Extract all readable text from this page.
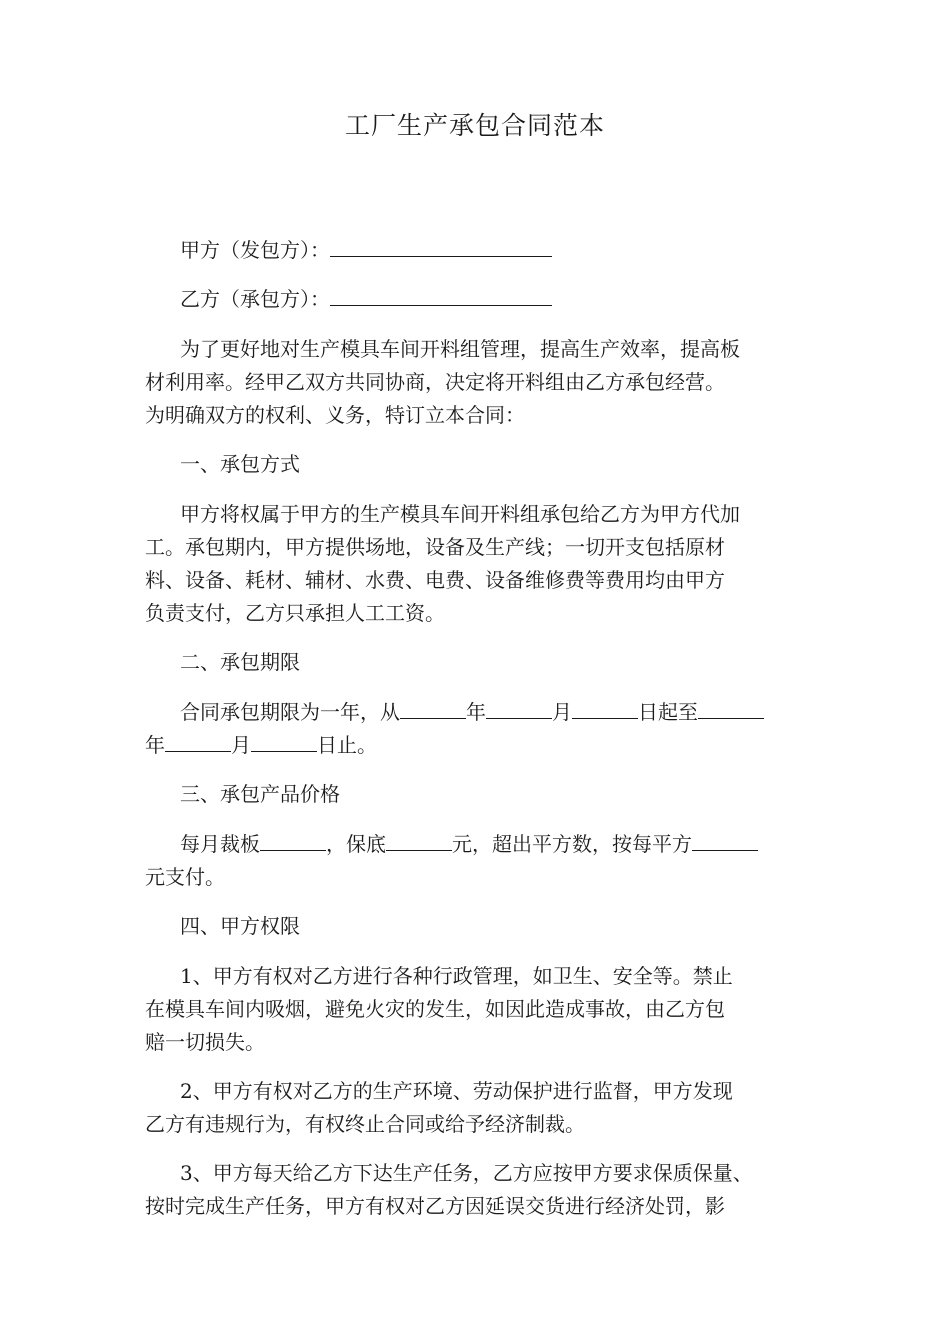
工厂生产承包合同范本
甲方（发包方）：
乙方（承包方）：
为了更好地对生产模具车间开料组管理，提高生产效率，提高板
材利用率。经甲乙双方共同协商，决定将开料组由乙方承包经营。
为明确双方的权利、义务，特订立本合同：
一、承包方式
甲方将权属于甲方的生产模具车间开料组承包给乙方为甲方代加
工。承包期内，甲方提供场地，设备及生产线；一切开支包括原材
料、设备、耗材、辅材、水费、电费、设备维修费等费用均由甲方
负责支付，乙方只承担人工工资。
二、承包期限
合同承包期限为一年，从	年	月	日起至
年	月	日止。
三、承包产品价格
每月裁板	，保底	元，超出平方数，按每平方
元支付。
四、甲方权限
1、甲方有权对乙方进行各种行政管理，如卫生、安全等。禁止
在模具车间内吸烟，避免火灾的发生，如因此造成事故，由乙方包
赔一切损失。
2、甲方有权对乙方的生产环境、劳动保护进行监督，甲方发现
乙方有违规行为，有权终止合同或给予经济制裁。
3、甲方每天给乙方下达生产任务，乙方应按甲方要求保质保量、
按时完成生产任务，甲方有权对乙方因延误交货进行经济处罚，影
